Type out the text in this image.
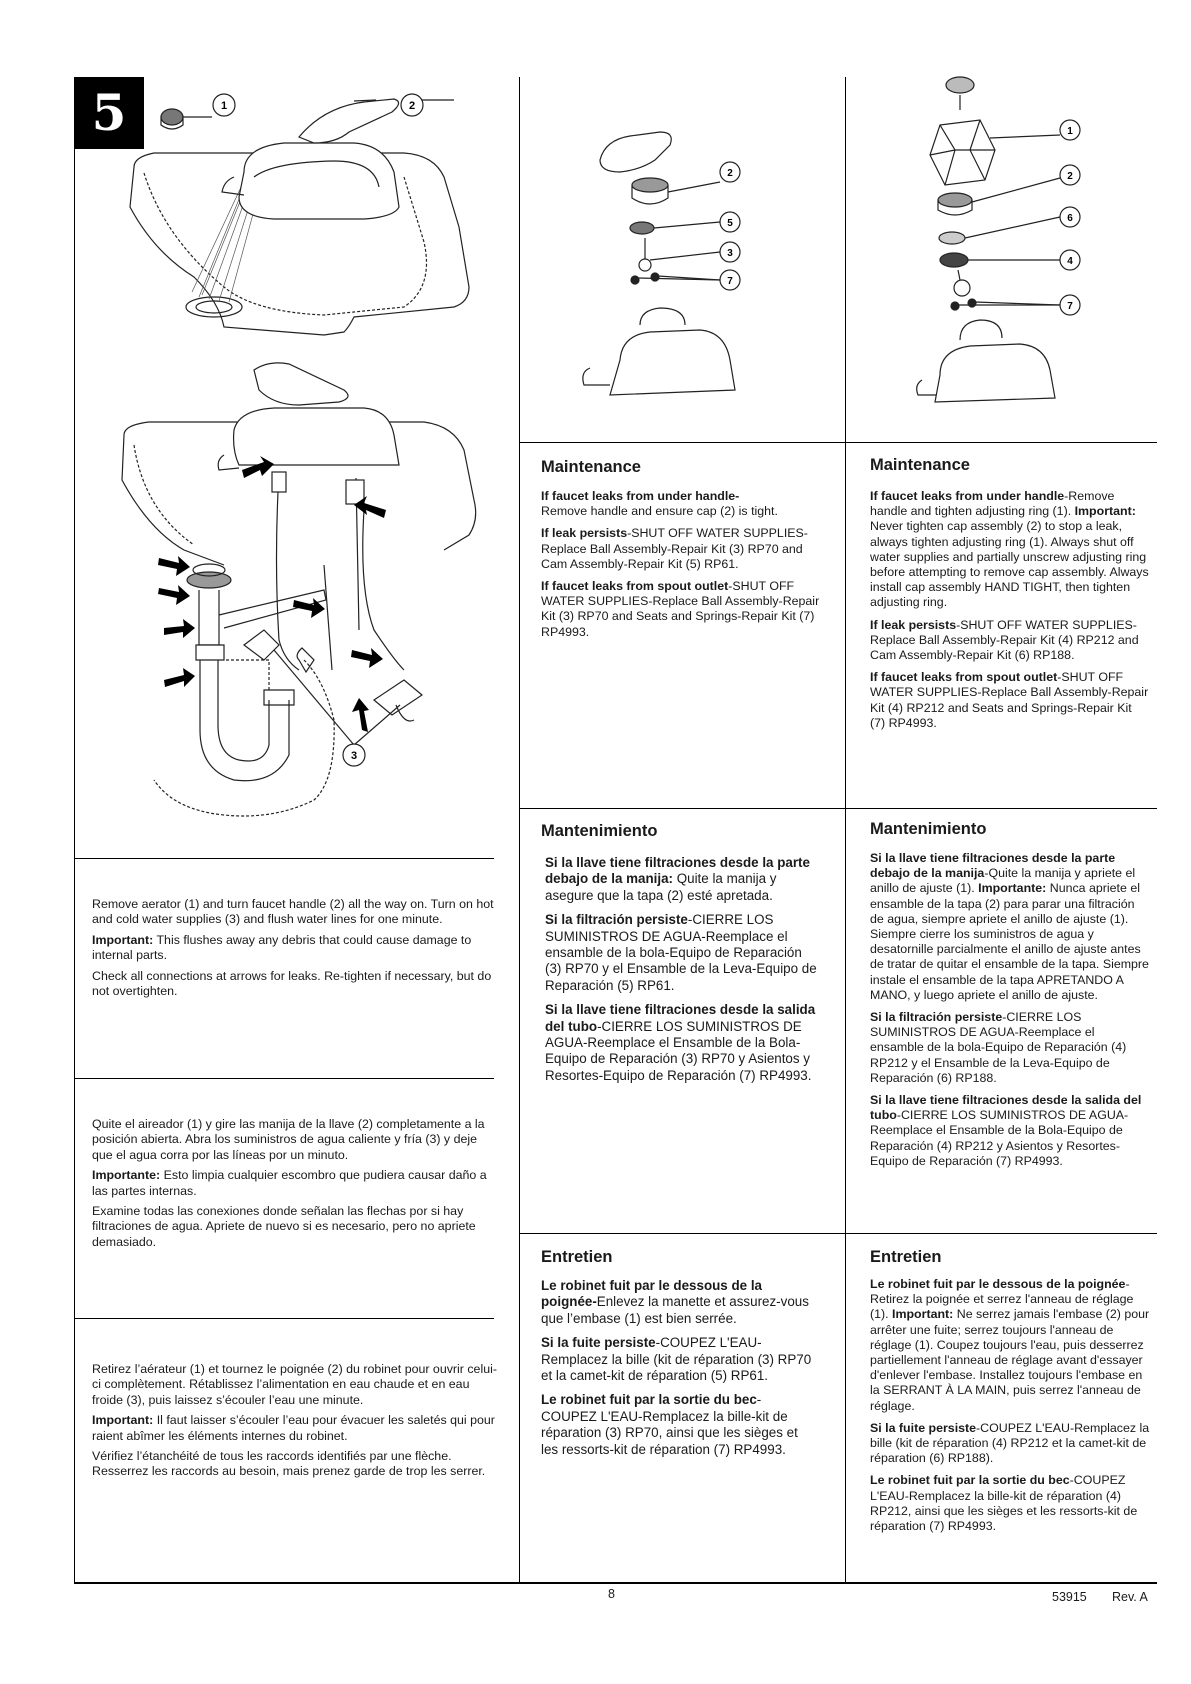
5	1	2
3
2
5
3
7
1
2
6
4
7

Remove aerator (1) and turn faucet handle (2) all the way on. Turn on hot and cold water supplies (3) and flush water lines for one minute.

Important: This flushes away any debris that could cause damage to internal parts.

Check all connections at arrows for leaks. Re-tighten if necessary, but do not overtighten.

Quite el aireador (1) y gire las manija de la llave (2) completamente a la posición abierta. Abra los suministros de agua caliente y fría (3) y deje que el agua corra por las líneas por un minuto.

Importante: Esto limpia cualquier escombro que pudiera causar daño a las partes internas.

Examine todas las conexiones donde señalan las flechas por si hay filtraciones de agua. Apriete de nuevo si es necesario, pero no apriete demasiado.

Retirez l’aérateur (1) et tournez le poignée (2) du robinet pour ouvrir celui-ci complètement. Rétablissez l’alimentation en eau chaude et en eau froide (3), puis laissez s’écouler l’eau une minute.

Important: Il faut laisser s’écouler l’eau pour évacuer les saletés qui pour raient abîmer les éléments internes du robinet.

Vérifiez l’étanchéité de tous les raccords identifiés par une flèche. Resserrez les raccords au besoin, mais prenez garde de trop les serrer.

Maintenance

If faucet leaks from under handle-
Remove handle and ensure cap (2) is tight.

If leak persists-SHUT OFF WATER SUPPLIES-Replace Ball Assembly-Repair Kit (3) RP70 and Cam Assembly-Repair Kit (5) RP61.

If faucet leaks from spout outlet-SHUT OFF WATER SUPPLIES-Replace Ball Assembly-Repair Kit (3) RP70 and Seats and Springs-Repair Kit (7) RP4993.

Mantenimiento

Si la llave tiene filtraciones desde la parte debajo de la manija: Quite la manija y asegure que la tapa (2) esté apretada.

Si la filtración persiste-CIERRE LOS SUMINISTROS DE AGUA-Reemplace el ensamble de la bola-Equipo de Reparación (3) RP70 y el Ensamble de la Leva-Equipo de Reparación (5) RP61.

Si la llave tiene filtraciones desde la salida del tubo-CIERRE LOS SUMINISTROS DE AGUA-Reemplace el Ensamble de la Bola-Equipo de Reparación (3) RP70 y Asientos y Resortes-Equipo de Reparación (7) RP4993.

Entretien

Le robinet fuit par le dessous de la poignée-Enlevez la manette et assurez-vous que l’embase (1) est bien serrée.

Si la fuite persiste-COUPEZ L'EAU-Remplacez la bille (kit de réparation (3) RP70 et la camet-kit de réparation (5) RP61.

Le robinet fuit par la sortie du bec-COUPEZ L'EAU-Remplacez la bille-kit de réparation (3) RP70, ainsi que les sièges et les ressorts-kit de réparation (7) RP4993.

Maintenance

If faucet leaks from under handle-Remove handle and tighten adjusting ring (1). Important: Never tighten cap assembly (2) to stop a leak, always tighten adjusting ring (1). Always shut off water supplies and partially unscrew adjusting ring before attempting to remove cap assembly. Always install cap assembly HAND TIGHT, then tighten adjusting ring.

If leak persists-SHUT OFF WATER SUPPLIES-Replace Ball Assembly-Repair Kit (4) RP212 and Cam Assembly-Repair Kit (6) RP188.

If faucet leaks from spout outlet-SHUT OFF WATER SUPPLIES-Replace Ball Assembly-Repair Kit (4) RP212 and Seats and Springs-Repair Kit (7) RP4993.

Mantenimiento

Si la llave tiene filtraciones desde la parte debajo de la manija-Quite la manija y apriete el anillo de ajuste (1). Importante: Nunca apriete el ensamble de la tapa (2) para parar una filtración de agua, siempre apriete el anillo de ajuste (1). Siempre cierre los suministros de agua y desatornille parcialmente el anillo de ajuste antes de tratar de quitar el ensamble de la tapa. Siempre instale el ensamble de la tapa APRETANDO A MANO, y luego apriete el anillo de ajuste.

Si la filtración persiste-CIERRE LOS SUMINISTROS DE AGUA-Reemplace el ensamble de la bola-Equipo de Reparación (4) RP212 y el Ensamble de la Leva-Equipo de Reparación (6) RP188.

Si la llave tiene filtraciones desde la salida del tubo-CIERRE LOS SUMINISTROS DE AGUA-Reemplace el Ensamble de la Bola-Equipo de Reparación (4) RP212 y Asientos y Resortes-Equipo de Reparación (7) RP4993.

Entretien

Le robinet fuit par le dessous de la poignée-Retirez la poignée et serrez l'anneau de réglage (1). Important: Ne serrez jamais l'embase (2) pour arrêter une fuite; serrez toujours l'anneau de réglage (1). Coupez toujours l'eau, puis desserrez partiellement l'anneau de réglage avant d'essayer d'enlever l'embase. Installez toujours l'embase en la SERRANT À LA MAIN, puis serrez l'anneau de réglage.

Si la fuite persiste-COUPEZ L'EAU-Remplacez la bille (kit de réparation (4) RP212 et la camet-kit de réparation (6) RP188).

Le robinet fuit par la sortie du bec-COUPEZ L'EAU-Remplacez la bille-kit de réparation (4) RP212, ainsi que les sièges et les ressorts-kit de réparation (7) RP4993.

8	53915 Rev. A
